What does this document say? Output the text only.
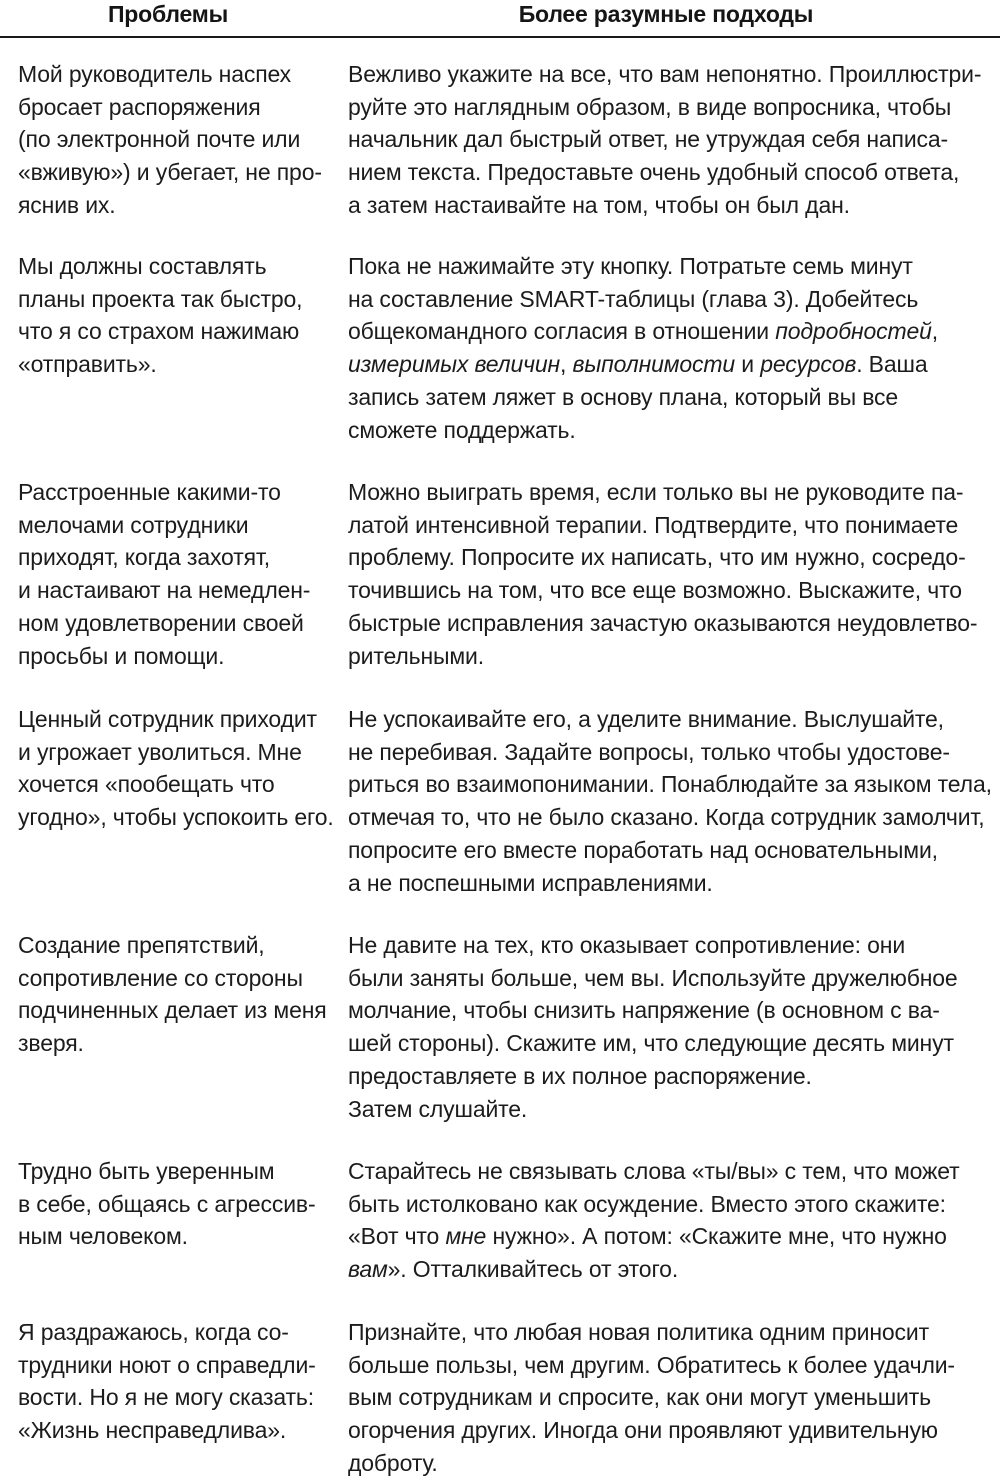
Проблемы	Более разумные подходы
Мой руководитель наспех
бросает распоряжения
(по электронной почте или
«вживую») и убегает, не про-
яснив их.
Вежливо укажите на все, что вам непонятно. Проиллюстри-
руйте это наглядным образом, в виде вопросника, чтобы
начальник дал быстрый ответ, не утруждая себя написа-
нием текста. Предоставьте очень удобный способ ответа,
а затем настаивайте на том, чтобы он был дан.
Мы должны составлять
планы проекта так быстро,
что я со страхом нажимаю
«отправить».
Пока не нажимайте эту кнопку. Потратьте семь минут
на составление SMART-таблицы (глава 3). Добейтесь
общекомандного согласия в отношении подробностей,
измеримых величин, выполнимости и ресурсов. Ваша
запись затем ляжет в основу плана, который вы все
сможете поддержать.
Расстроенные какими-то
мелочами сотрудники
приходят, когда захотят,
и настаивают на немедлен-
ном удовлетворении своей
просьбы и помощи.
Можно выиграть время, если только вы не руководите па-
латой интенсивной терапии. Подтвердите, что понимаете
проблему. Попросите их написать, что им нужно, сосредо-
точившись на том, что все еще возможно. Выскажите, что
быстрые исправления зачастую оказываются неудовлетво-
рительными.
Ценный сотрудник приходит
и угрожает уволиться. Мне
хочется «пообещать что
угодно», чтобы успокоить его.
Не успокаивайте его, а уделите внимание. Выслушайте,
не перебивая. Задайте вопросы, только чтобы удостове-
риться во взаимопонимании. Понаблюдайте за языком тела,
отмечая то, что не было сказано. Когда сотрудник замолчит,
попросите его вместе поработать над основательными,
а не поспешными исправлениями.
Создание препятствий,
сопротивление со стороны
подчиненных делает из меня
зверя.
Не давите на тех, кто оказывает сопротивление: они
были заняты больше, чем вы. Используйте дружелюбное
молчание, чтобы снизить напряжение (в основном с ва-
шей стороны). Скажите им, что следующие десять минут
предоставляете в их полное распоряжение.
Затем слушайте.
Трудно быть уверенным
в себе, общаясь с агрессив-
ным человеком.
Старайтесь не связывать слова «ты/вы» с тем, что может
быть истолковано как осуждение. Вместо этого скажите:
«Вот что мне нужно». А потом: «Скажите мне, что нужно
вам». Отталкивайтесь от этого.
Я раздражаюсь, когда со-
трудники ноют о справедли-
вости. Но я не могу сказать:
«Жизнь несправедлива».
Признайте, что любая новая политика одним приносит
больше пользы, чем другим. Обратитесь к более удачли-
вым сотрудникам и спросите, как они могут уменьшить
огорчения других. Иногда они проявляют удивительную
доброту.
